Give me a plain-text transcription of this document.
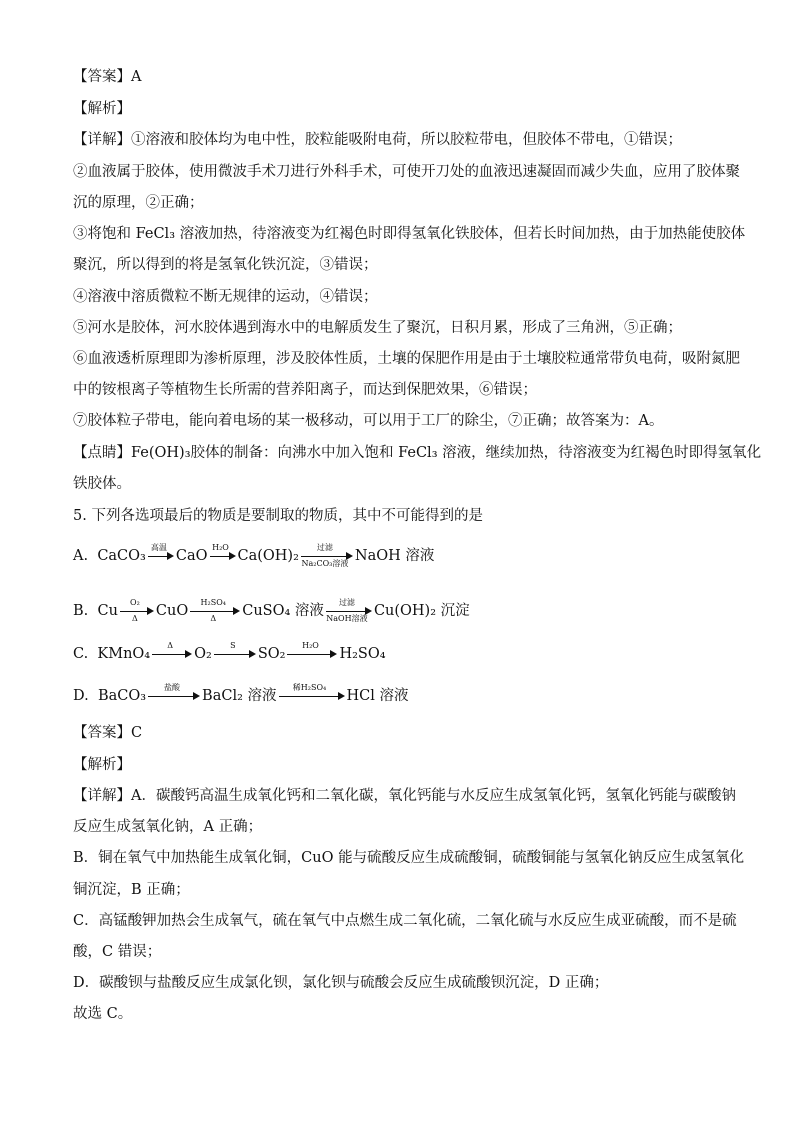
【答案】A
【解析】
【详解】①溶液和胶体均为电中性，胶粒能吸附电荷，所以胶粒带电，但胶体不带电，①错误；
②血液属于胶体，使用微波手术刀进行外科手术，可使开刀处的血液迅速凝固而减少失血，应用了胶体聚
沉的原理，②正确；
③将饱和 FeCl₃ 溶液加热，待溶液变为红褐色时即得氢氧化铁胶体，但若长时间加热，由于加热能使胶体
聚沉，所以得到的将是氢氧化铁沉淀，③错误；
④溶液中溶质微粒不断无规律的运动，④错误；
⑤河水是胶体，河水胶体遇到海水中的电解质发生了聚沉，日积月累，形成了三角洲，⑤正确；
⑥血液透析原理即为渗析原理，涉及胶体性质，土壤的保肥作用是由于土壤胶粒通常带负电荷，吸附氮肥
中的铵根离子等植物生长所需的营养阳离子，而达到保肥效果，⑥错误；
⑦胶体粒子带电，能向着电场的某一极移动，可以用于工厂的除尘，⑦正确；故答案为：A。
【点睛】Fe(OH)₃胶体的制备：向沸水中加入饱和 FeCl₃ 溶液，继续加热，待溶液变为红褐色时即得氢氧化
铁胶体。
5. 下列各选项最后的物质是要制取的物质，其中不可能得到的是
A. CaCO₃
高温
CaO
H₂O
Ca(OH)₂
过滤
Na₂CO₃溶液 NaOH 溶液
B. Cu $\frac{\text{O₂}}{\Delta}$ CuO $\frac{\text{H₂SO₄}}{\Delta}$ CuSO₄ 溶液
过滤
NaOH溶液 Cu(OH)₂ 沉淀
C. KMnO₄
Δ
O₂
S
SO₂
H₂O
H₂SO₄
D. BaCO₃
盐酸
BaCl₂ 溶液
稀H₂SO₄
HCl 溶液
【答案】C
【解析】
【详解】A．碳酸钙高温生成氧化钙和二氧化碳，氧化钙能与水反应生成氢氧化钙，氢氧化钙能与碳酸钠
反应生成氢氧化钠，A 正确；
B．铜在氧气中加热能生成氧化铜，CuO 能与硫酸反应生成硫酸铜，硫酸铜能与氢氧化钠反应生成氢氧化
铜沉淀，B 正确；
C．高锰酸钾加热会生成氧气，硫在氧气中点燃生成二氧化硫，二氧化硫与水反应生成亚硫酸，而不是硫
酸，C 错误；
D．碳酸钡与盐酸反应生成氯化钡，氯化钡与硫酸会反应生成硫酸钡沉淀，D 正确；
故选 C。
